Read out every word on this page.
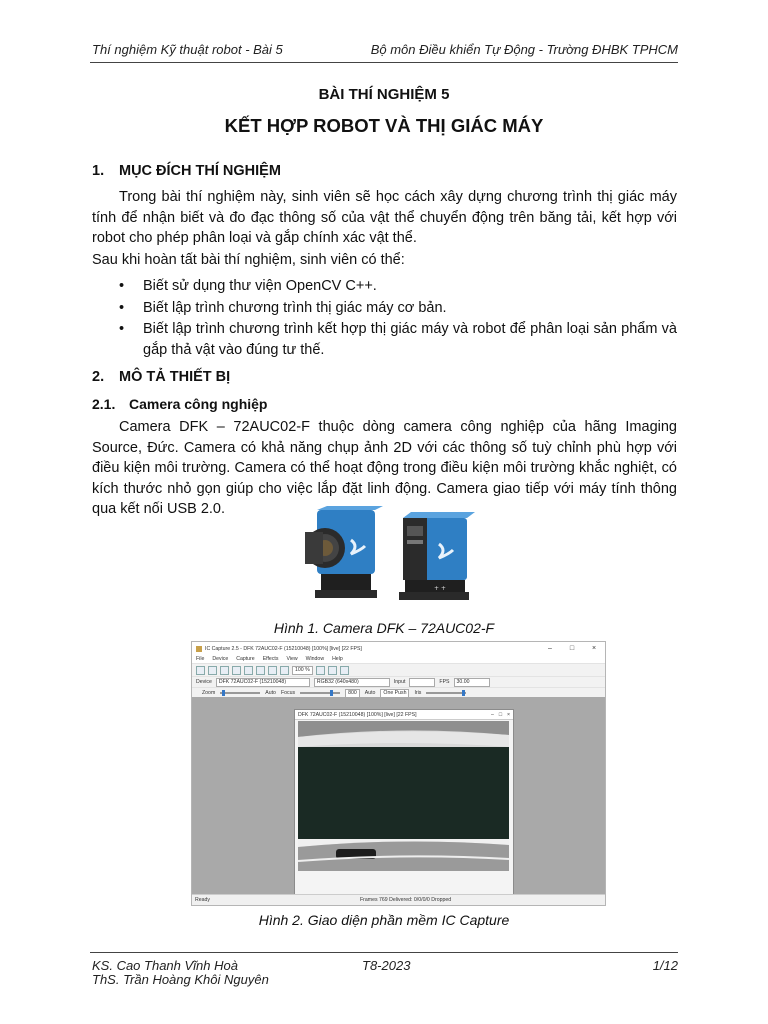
Thí nghiệm Kỹ thuật robot - Bài 5	Bộ môn Điều khiển Tự Động - Trường ĐHBK TPHCM
BÀI THÍ NGHIỆM 5
KẾT HỢP ROBOT VÀ THỊ GIÁC MÁY
1. MỤC ĐÍCH THÍ NGHIỆM
Trong bài thí nghiệm này, sinh viên sẽ học cách xây dựng chương trình thị giác máy tính để nhận biết và đo đạc thông số của vật thể chuyển động trên băng tải, kết hợp với robot cho phép phân loại và gắp chính xác vật thể.
Sau khi hoàn tất bài thí nghiệm, sinh viên có thể:
• Biết sử dụng thư viện OpenCV C++.
• Biết lập trình chương trình thị giác máy cơ bản.
• Biết lập trình chương trình kết hợp thị giác máy và robot để phân loại sản phẩm và gắp thả vật vào đúng tư thế.
2. MÔ TẢ THIẾT BỊ
2.1. Camera công nghiệp
Camera DFK – 72AUC02-F thuộc dòng camera công nghiệp của hãng Imaging Source, Đức. Camera có khả năng chụp ảnh 2D với các thông số tuỳ chỉnh phù hợp với điều kiện môi trường. Camera có thể hoạt động trong điều kiện môi trường khắc nghiệt, có kích thước nhỏ gọn giúp cho việc lắp đặt linh động. Camera giao tiếp với máy tính thông qua kết nối USB 2.0.
+ +
Hình 1. Camera DFK – 72AUC02-F
IC Capture 2.5 - DFK 72AUC02-F (15210048) [100%] [live] [22 FPS]	–	□	×
File Device Capture Effects View Window Help
100 %
Device	DFK 72AUC02-F (15210048)	RGB32 (640x480)	Input	FPS	30.00
Zoom	Auto Focus	800	Auto	One Push	Iris
DFK 72AUC02-F (15210048) [100%] [live] [22 FPS]	– □ ×
Ready	Frames 769 Delivered: 0/0/0/0 Dropped
Hình 2. Giao diện phần mềm IC Capture
KS. Cao Thanh Vĩnh Hoà
ThS. Trần Hoàng Khôi Nguyên
T8-2023	1/12
